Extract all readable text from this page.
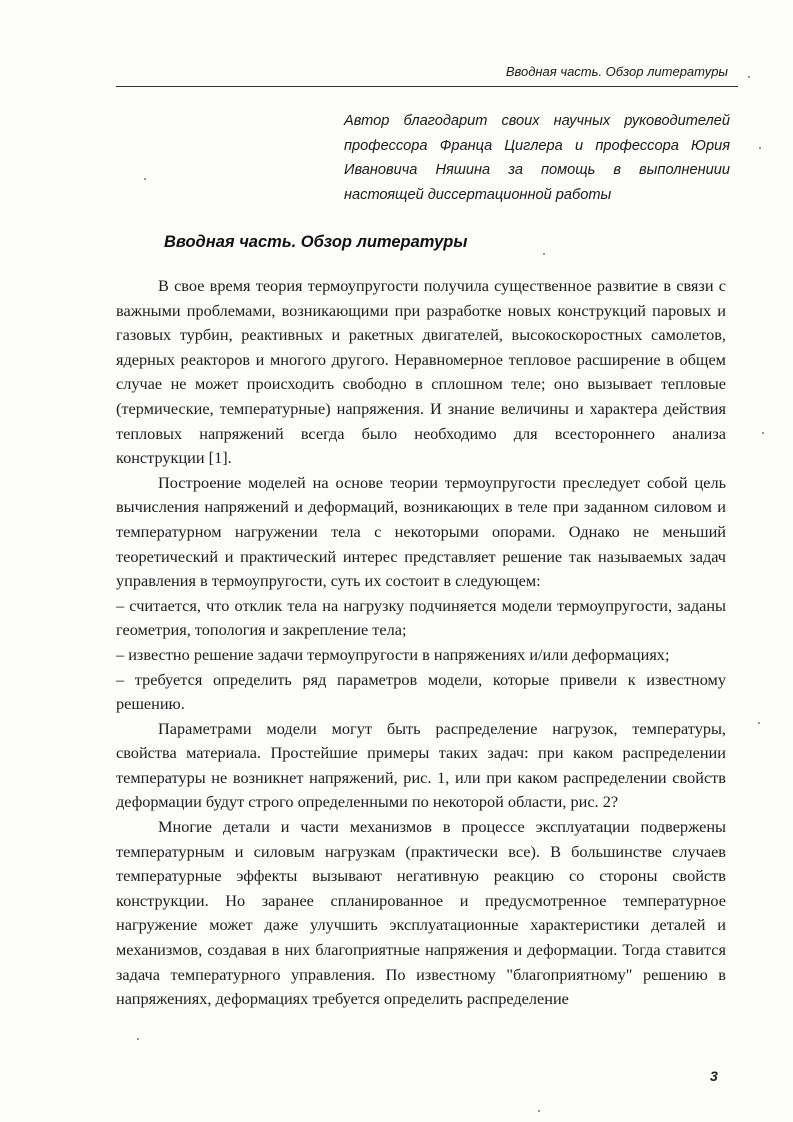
Вводная часть. Обзор литературы
Автор благодарит своих научных руководителей профессора Франца Циглера и профессора Юрия Ивановича Няшина за помощь в выполнениии настоящей диссертационной работы
Вводная часть. Обзор литературы

В свое время теория термоупругости получила существенное развитие в связи с важными проблемами, возникающими при разработке новых конструкций паровых и газовых турбин, реактивных и ракетных двигателей, высокоскоростных самолетов, ядерных реакторов и многого другого. Неравномерное тепловое расширение в общем случае не может происходить свободно в сплошном теле; оно вызывает тепловые (термические, температурные) напряжения. И знание величины и характера действия тепловых напряжений всегда было необходимо для всестороннего анализа конструкции [1].

Построение моделей на основе теории термоупругости преследует собой цель вычисления напряжений и деформаций, возникающих в теле при заданном силовом и температурном нагружении тела с некоторыми опорами. Однако не меньший теоретический и практический интерес представляет решение так называемых задач управления в термоупругости, суть их состоит в следующем:

– считается, что отклик тела на нагрузку подчиняется модели термоупругости, заданы геометрия, топология и закрепление тела;

– известно решение задачи термоупругости в напряжениях и/или деформациях;

– требуется определить ряд параметров модели, которые привели к известному решению.

Параметрами модели могут быть распределение нагрузок, температуры, свойства материала. Простейшие примеры таких задач: при каком распределении температуры не возникнет напряжений, рис. 1, или при каком распределении свойств деформации будут строго определенными по некоторой области, рис. 2?

Многие детали и части механизмов в процессе эксплуатации подвержены температурным и силовым нагрузкам (практически все). В большинстве случаев температурные эффекты вызывают негативную реакцию со стороны свойств конструкции. Но заранее спланированное и предусмотренное температурное нагружение может даже улучшить эксплуатационные характеристики деталей и механизмов, создавая в них благоприятные напряжения и деформации. Тогда ставится задача температурного управления. По известному "благоприятному" решению в напряжениях, деформациях требуется определить распределение

3
